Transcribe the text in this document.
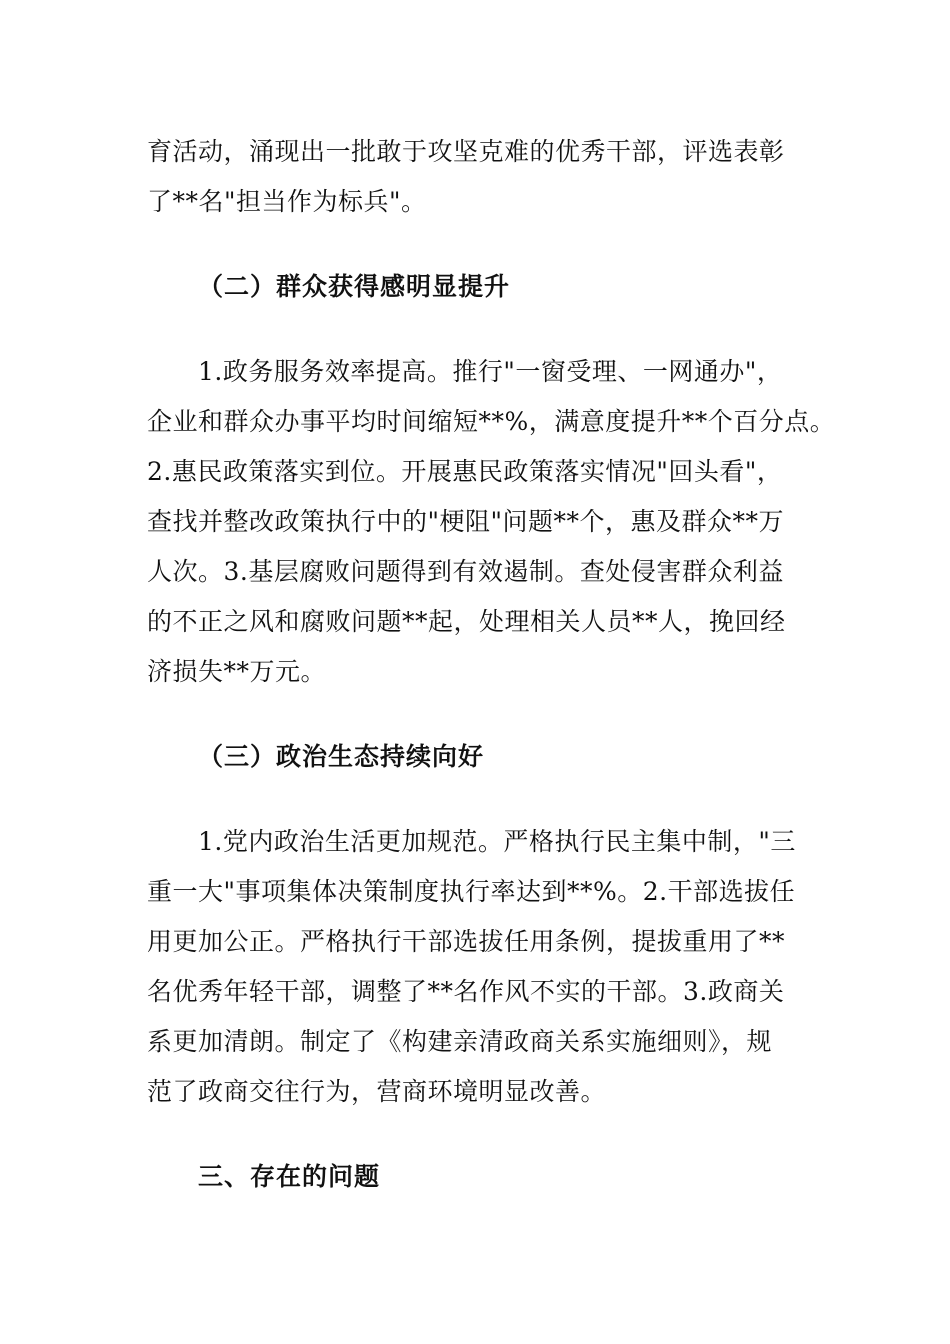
育活动，涌现出一批敢于攻坚克难的优秀干部，评选表彰
了**名"担当作为标兵"。
（二）群众获得感明显提升
1.政务服务效率提高。推行"一窗受理、一网通办"，
企业和群众办事平均时间缩短**%，满意度提升**个百分点。
2.惠民政策落实到位。开展惠民政策落实情况"回头看"，
查找并整改政策执行中的"梗阻"问题**个，惠及群众**万
人次。3.基层腐败问题得到有效遏制。查处侵害群众利益
的不正之风和腐败问题**起，处理相关人员**人，挽回经
济损失**万元。
（三）政治生态持续向好
1.党内政治生活更加规范。严格执行民主集中制，"三
重一大"事项集体决策制度执行率达到**%。2.干部选拔任
用更加公正。严格执行干部选拔任用条例，提拔重用了**
名优秀年轻干部，调整了**名作风不实的干部。3.政商关
系更加清朗。制定了《构建亲清政商关系实施细则》，规
范了政商交往行为，营商环境明显改善。
三、存在的问题
